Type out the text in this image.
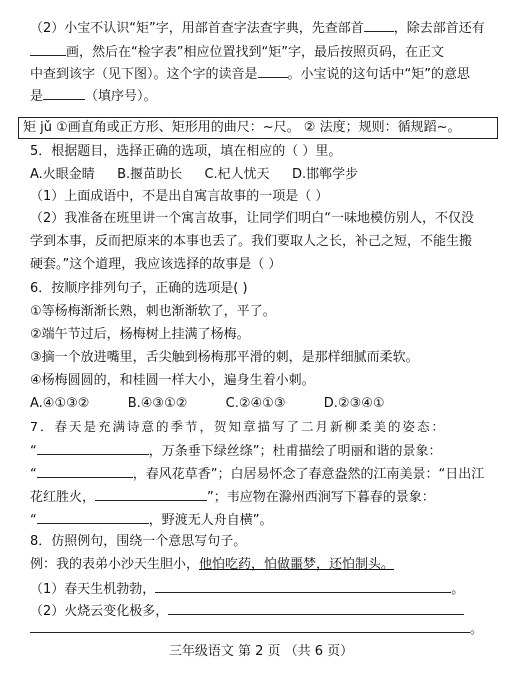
（2）小宝不认识“矩”字，用部首查字法查字典，先查部首 ，除去部首还有
画，然后在“检字表”相应位置找到“矩”字，最后按照页码，在正文
中查到该字（见下图）。这个字的读音是 。小宝说的这句话中“矩”的意思
是	（填序号）。
矩 jǔ ①画直角或正方形、矩形用的曲尺：~尺。 ② 法度；规则：循规蹈~。
5．根据题目，选择正确的选项，填在相应的（ ）里。
A.火眼金睛 B.揠苗助长 C.杞人忧天 D.邯郸学步
（1）上面成语中，不是出自寓言故事的一项是（ ）
（2）我准备在班里讲一个寓言故事，让同学们明白“一味地模仿别人，不仅没
学到本事，反而把原来的本事也丢了。我们要取人之长，补己之短，不能生搬
硬套。”这个道理，我应该选择的故事是（ ）
6．按顺序排列句子，正确的选项是( )
①等杨梅渐渐长熟，刺也渐渐软了，平了。
②端午节过后，杨梅树上挂满了杨梅。
③摘一个放进嘴里，舌尖触到杨梅那平滑的刺，是那样细腻而柔软。
④杨梅圆圆的，和桂圆一样大小，遍身生着小刺。
A.④①③②	B.④③①②	C.②④①③	D.②③④①
7．春天是充满诗意的季节，贺知章描写了二月新柳柔美的姿态：
“	，万条垂下绿丝绦”；杜甫描绘了明丽和谐的景象：
“	，春风花草香”；白居易怀念了春意盎然的江南美景：“日出江
花红胜火，	”；韦应物在滁州西涧写下暮春的景象：
“	，野渡无人舟自横”。
8．仿照例句，围绕一个意思写句子。
例：我的表弟小沙天生胆小，他怕吃药，怕做噩梦，还怕制头。
（1）春天生机勃勃，	。
（2）火烧云变化极多，
。
三年级语文 第 2 页 （共 6 页）
